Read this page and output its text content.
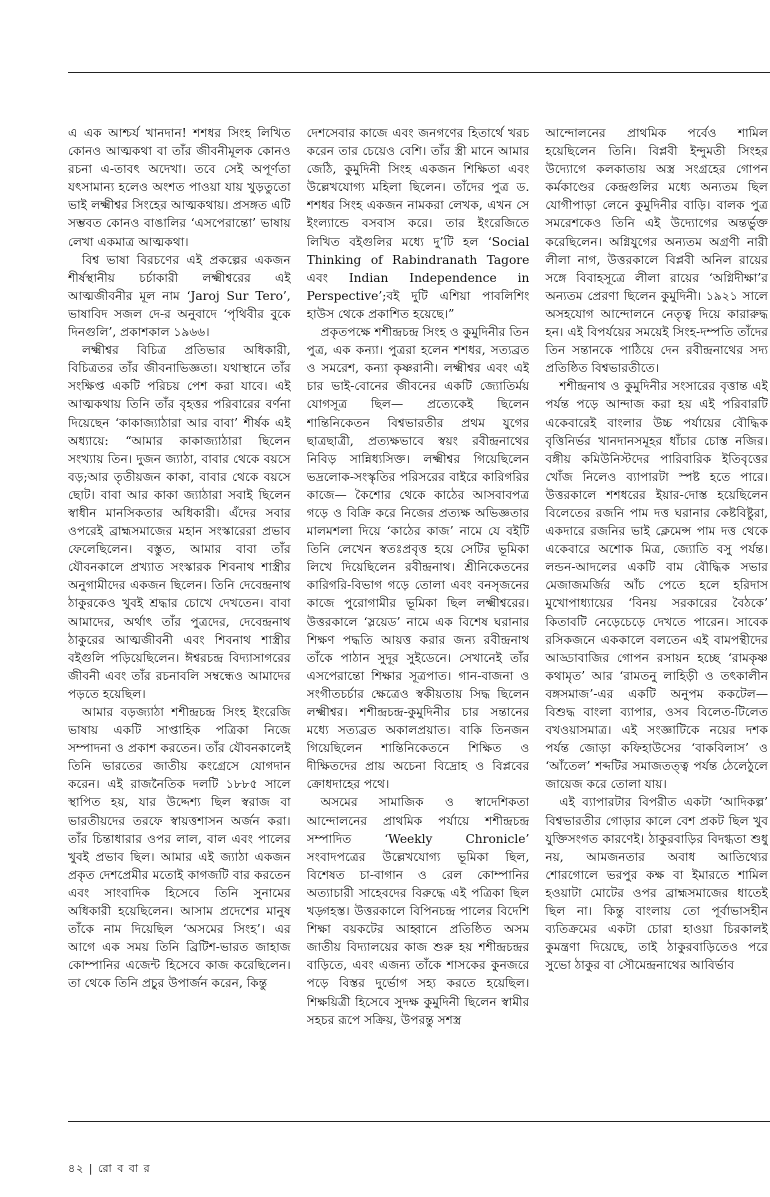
এ এক আশ্চর্য খানদান! শশধর সিংহ লিখিত কোনও আত্মকথা বা তাঁর জীবনীমূলক কোনও রচনা এ-তাবৎ অদেখা। তবে সেই অপূর্ণতা যৎসামান্য হলেও অংশত পাওয়া যায় খুড়তুতো ভাই লক্ষ্মীশ্বর সিংহের আত্মকথায়। প্রসঙ্গত এটি সম্ভবত কোনও বাঙালির ‘এসপেরান্তো’ ভাষায় লেখা একমাত্র আত্মকথা।

বিশ্ব ভাষা বিরচণের এই প্রকল্পের একজন শীর্ষস্থানীয় চর্চাকারী লক্ষ্মীশ্বরের এই আত্মজীবনীর মূল নাম ‘Jaroj Sur Tero’, ভাষাবিদ সজল দে-র অনুবাদে ‘পৃথিবীর বুকে দিনগুলি’, প্রকাশকাল ১৯৬৬।

লক্ষ্মীশ্বর বিচিত্র প্রতিভার অধিকারী, বিচিত্রতর তাঁর জীবনাভিজ্ঞতা। যথাস্থানে তাঁর সংক্ষিপ্ত একটি পরিচয় পেশ করা যাবে। এই আত্মকথায় তিনি তাঁর বৃহত্তর পরিবারের বর্ণনা দিয়েছেন ‘কাকাজ্যাঠারা আর বাবা’ শীর্ষক এই অধ্যায়ে: “আমার কাকাজ্যাঠারা ছিলেন সংখ্যায় তিন। দুজন জ্যাঠা, বাবার থেকে বয়সে বড়;আর তৃতীয়জন কাকা, বাবার থেকে বয়সে ছোট। বাবা আর কাকা জ্যাঠারা সবাই ছিলেন স্বাধীন মানসিকতার অধিকারী। এঁদের সবার ওপরেই ব্রাহ্মসমাজের মহান সংস্কারেরা প্রভাব ফেলেছিলেন। বস্তুত, আমার বাবা তাঁর যৌবনকালে প্রখ্যাত সংস্কারক শিবনাথ শাস্ত্রীর অনুগামীদের একজন ছিলেন। তিনি দেবেন্দ্রনাথ ঠাকুরকেও খুবই শ্রদ্ধার চোখে দেখতেন। বাবা আমাদের, অর্থাৎ তাঁর পুত্রদের, দেবেন্দ্রনাথ ঠাকুরের আত্মজীবনী এবং শিবনাথ শাস্ত্রীর বইগুলি পড়িয়েছিলেন। ঈশ্বরচন্দ্র বিদ্যাসাগরের জীবনী এবং তাঁর রচনাবলি সম্বন্ধেও আমাদের পড়তে হয়েছিল।

আমার বড়জ্যাঠা শশীন্দ্রচন্দ্র সিংহ ইংরেজি ভাষায় একটি সাপ্তাহিক পত্রিকা নিজে সম্পাদনা ও প্রকাশ করতেন। তাঁর যৌবনকালেই তিনি ভারতের জাতীয় কংগ্রেসে যোগদান করেন। এই রাজনৈতিক দলটি ১৮৮৫ সালে স্থাপিত হয়, যার উদ্দেশ্য ছিল স্বরাজ বা ভারতীয়দের তরফে স্বায়ত্তশাসন অর্জন করা। তাঁর চিন্তাধারার ওপর লাল, বাল এবং পালের খুবই প্রভাব ছিল। আমার এই জ্যাঠা একজন প্রকৃত দেশপ্রেমীর মতোই কাগজটি বার করতেন এবং সাংবাদিক হিসেবে তিনি সুনামের অধিকারী হয়েছিলেন। আসাম প্রদেশের মানুষ তাঁকে নাম দিয়েছিল ‘অসমের সিংহ’। এর আগে এক সময় তিনি ব্রিটিশ-ভারত জাহাজ কোম্পানির এজেন্ট হিসেবে কাজ করেছিলেন। তা থেকে তিনি প্রচুর উপার্জন করেন, কিন্তু

দেশসেবার কাজে এবং জনগণের হিতার্থে খরচ করেন তার চেয়েও বেশি। তাঁর স্ত্রী মানে আমার জেঠি, কুমুদিনী সিংহ একজন শিক্ষিতা এবং উল্লেখযোগ্য মহিলা ছিলেন। তাঁদের পুত্র ড. শশধর সিংহ একজন নামকরা লেখক, এখন সে ইংল্যান্ডে বসবাস করে। তার ইংরেজিতে লিখিত বইগুলির মধ্যে দু’টি হল ‘Social Thinking of Rabindranath Tagore এবং Indian Independence in Perspective’;বই দুটি এশিয়া পাবলিশিং হাউস থেকে প্রকাশিত হয়েছে।”

প্রকৃতপক্ষে শশীন্দ্রচন্দ্র সিংহ ও কুমুদিনীর তিন পুত্র, এক কন্যা। পুত্ররা হলেন শশধর, সত্যব্রত ও সমরেশ, কন্যা কৃষ্ণরানী। লক্ষ্মীশ্বর এবং এই চার ভাই-বোনের জীবনের একটি জ্যোতির্ময় যোগসূত্র ছিল— প্রত্যেকেই ছিলেন শান্তিনিকেতন বিশ্বভারতীর প্রথম যুগের ছাত্রছাত্রী, প্রত্যক্ষভাবে স্বয়ং রবীন্দ্রনাথের নিবিড় সান্নিধ্যসিক্ত। লক্ষ্মীশ্বর গিয়েছিলেন ভদ্রলোক-সংস্কৃতির পরিসরের বাইরে কারিগরির কাজে— কৈশোর থেকে কাঠের আসবাবপত্র গড়ে ও বিক্রি করে নিজের প্রত্যক্ষ অভিজ্ঞতার মালমশলা দিয়ে ‘কাঠের কাজ’ নামে যে বইটি তিনি লেখেন স্বতঃপ্রবৃত্ত হয়ে সেটির ভূমিকা লিখে দিয়েছিলেন রবীন্দ্রনাথ। শ্রীনিকেতনের কারিগরি-বিভাগ গড়ে তোলা এবং বনসৃজনের কাজে পুরোগামীর ভূমিকা ছিল লক্ষ্মীশ্বরের। উত্তরকালে ‘স্লয়েড’ নামে এক বিশেষ ঘরানার শিক্ষণ পদ্ধতি আয়ত্ত করার জন্য রবীন্দ্রনাথ তাঁকে পাঠান সুদূর সুইডেনে। সেখানেই তাঁর এসপেরান্তো শিক্ষার সূত্রপাত। গান-বাজনা ও সংগীতচর্চার ক্ষেত্রেও স্বকীয়তায় সিদ্ধ ছিলেন লক্ষ্মীশ্বর। শশীন্দ্রচন্দ্র-কুমুদিনীর চার সন্তানের মধ্যে সত্যব্রত অকালপ্রয়াত। বাকি তিনজন গিয়েছিলেন শান্তিনিকেতনে শিক্ষিত ও দীক্ষিতদের প্রায় অচেনা বিদ্রোহ ও বিপ্লবের ক্রোধদাহের পথে।

অসমের সামাজিক ও স্বাদেশিকতা আন্দোলনের প্রাথমিক পর্যায়ে শশীন্দ্রচন্দ্র সম্পাদিত ‘Weekly Chronicle’ সংবাদপত্রের উল্লেখযোগ্য ভূমিকা ছিল, বিশেষত চা-বাগান ও রেল কোম্পানির অত্যাচারী সাহেবদের বিরুদ্ধে এই পত্রিকা ছিল খড়্গহস্ত। উত্তরকালে বিপিনচন্দ্র পালের বিদেশি শিক্ষা বয়কটের আহ্বানে প্রতিষ্ঠিত অসম জাতীয় বিদ্যালয়ের কাজ শুরু হয় শশীন্দ্রচন্দ্রর বাড়িতে, এবং এজন্য তাঁকে শাসকের কুনজরে পড়ে বিস্তর দুর্ভোগ সহ্য করতে হয়েছিল। শিক্ষয়িত্রী হিসেবে সুদক্ষ কুমুদিনী ছিলেন স্বামীর সহচর রূপে সক্রিয়, উপরন্তু সশস্ত্র

আন্দোলনের প্রাথমিক পর্বেও শামিল হয়েছিলেন তিনি। বিপ্লবী ইন্দুমতী সিংহর উদ্যোগে কলকাতায় অস্ত্র সংগ্রহের গোপন কর্মকাণ্ডের কেন্দ্রগুলির মধ্যে অন্যতম ছিল যোগীপাড়া লেনে কুমুদিনীর বাড়ি। বালক পুত্র সমরেশকেও তিনি এই উদ্যোগের অন্তর্ভুক্ত করেছিলেন। অগ্নিযুগের অন্যতম অগ্রণী নারী লীলা নাগ, উত্তরকালে বিপ্লবী অনিল রায়ের সঙ্গে বিবাহসূত্রে লীলা রায়ের ‘অগ্নিদীক্ষা’র অন্যতম প্রেরণা ছিলেন কুমুদিনী। ১৯২১ সালে অসহযোগ আন্দোলনে নেতৃত্ব দিয়ে কারারুদ্ধ হন। এই বিপর্যয়ের সময়েই সিংহ-দম্পতি তাঁদের তিন সন্তানকে পাঠিয়ে দেন রবীন্দ্রনাথের সদ্য প্রতিষ্ঠিত বিশ্বভারতীতে।

শশীন্দ্রনাথ ও কুমুদিনীর সংসারের বৃত্তান্ত এই পর্যন্ত পড়ে আন্দাজ করা হয় এই পরিবারটি একেবারেই বাংলার উচ্চ পর্যায়ের বৌদ্ধিক বৃত্তিনির্ভর খানদানসমূহর ধাঁচার চোস্ত নজির। বঙ্গীয় কমিউনিস্টদের পারিবারিক ইতিবৃত্তের খোঁজ নিলেও ব্যাপারটা স্পষ্ট হতে পারে। উত্তরকালে শশধরের ইয়ার-দোস্ত হয়েছিলেন বিলেতের রজনি পাম দত্ত ঘরানার কেষ্টবিষ্টুরা, একদারে রজনির ভাই ক্লেমেন্স পাম দত্ত থেকে একেবারে অশোক মিত্র, জ্যোতি বসু পর্যন্ত। লন্ডন-আদলের একটি বাম বৌদ্ধিক সভার মেজাজমর্জির আঁচ পেতে হলে হরিদাস মুখোপাধ্যায়ের ‘বিনয় সরকারের বৈঠকে’ কিতাবটি নেড়েচেড়ে দেখতে পারেন। সাবেক রসিকজনে এককালে বলতেন এই বামপন্থীদের আড্ডাবাজির গোপন রসায়ন হচ্ছে ‘রামকৃষ্ণ কথামৃত’ আর ‘রামতনু লাহিড়ী ও তৎকালীন বঙ্গসমাজ’-এর একটি অনুপম ককটেল— বিশুদ্ধ বাংলা ব্যাপার, ওসব বিলেত-টিলেত বখওয়াসমাত্র। এই সংজ্ঞাটিকে নয়ের দশক পর্যন্ত জোড়া কফিহাউসের ‘বাকবিলাস’ ও ‘আঁতেল’ শব্দটির সমাজতত্ত্ব পর্যন্ত ঠেলেঠুলে জায়েজ করে তোলা যায়।

এই ব্যাপারটার বিপরীত একটা ‘আদিকল্প’ বিশ্বভারতীর গোড়ার কালে বেশ প্রকট ছিল খুব যুক্তিসংগত কারণেই। ঠাকুরবাড়ির বিদগ্ধতা শুধু নয়, আমজনতার অবাধ আতিথ্যের শোরগোলে ভরপুর কক্ষ বা ইমারতে শামিল হওয়াটা মোটের ওপর ব্রাহ্মসমাজের ধাতেই ছিল না। কিন্তু বাংলায় তো পূর্বাভাসহীন ব্যতিক্রমের একটা চোরা হাওয়া চিরকালই কুমন্ত্রণা দিয়েছে, তাই ঠাকুরবাড়িতেও পরে সুভো ঠাকুর বা সৌমেন্দ্রনাথের আবির্ভাব

৪২ | রো ব বা র
